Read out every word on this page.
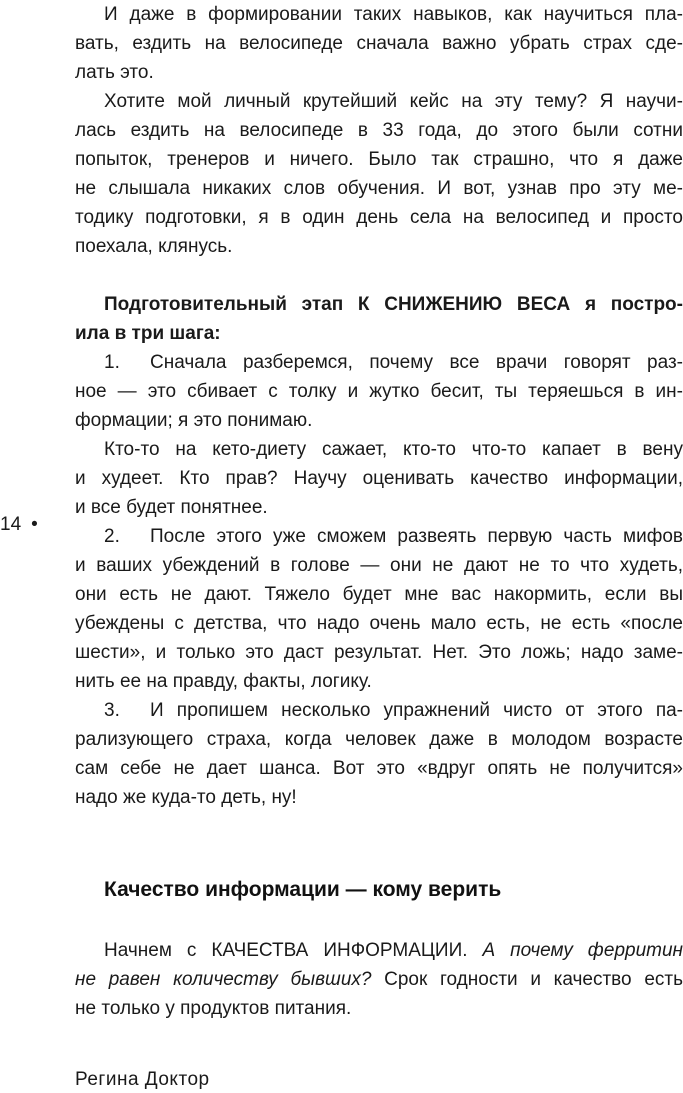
И даже в формировании таких навыков, как научиться пла-
вать, ездить на велосипеде сначала важно убрать страх сде-
лать это.
Хотите мой личный крутейший кейс на эту тему? Я научи-
лась ездить на велосипеде в 33 года, до этого были сотни
попыток, тренеров и ничего. Было так страшно, что я даже
не слышала никаких слов обучения. И вот, узнав про эту ме-
тодику подготовки, я в один день села на велосипед и просто
поехала, клянусь.
Подготовительный этап К СНИЖЕНИЮ ВЕСА я постро-
ила в три шага:
1. Сначала разберемся, почему все врачи говорят раз-
ное — это сбивает с толку и жутко бесит, ты теряешься в ин-
формации; я это понимаю.
Кто-то на кето-диету сажает, кто-то что-то капает в вену
и худеет. Кто прав? Научу оценивать качество информации,
и все будет понятнее.
14 •
2. После этого уже сможем развеять первую часть мифов
и ваших убеждений в голове — они не дают не то что худеть,
они есть не дают. Тяжело будет мне вас накормить, если вы
убеждены с детства, что надо очень мало есть, не есть «после
шести», и только это даст результат. Нет. Это ложь; надо заме-
нить ее на правду, факты, логику.
3. И пропишем несколько упражнений чисто от этого па-
рализующего страха, когда человек даже в молодом возрасте
сам себе не дает шанса. Вот это «вдруг опять не получится»
надо же куда-то деть, ну!
Качество информации — кому верить
Начнем с КАЧЕСТВА ИНФОРМАЦИИ. А почему ферритин
не равен количеству бывших? Срок годности и качество есть
не только у продуктов питания.
Регина Доктор
